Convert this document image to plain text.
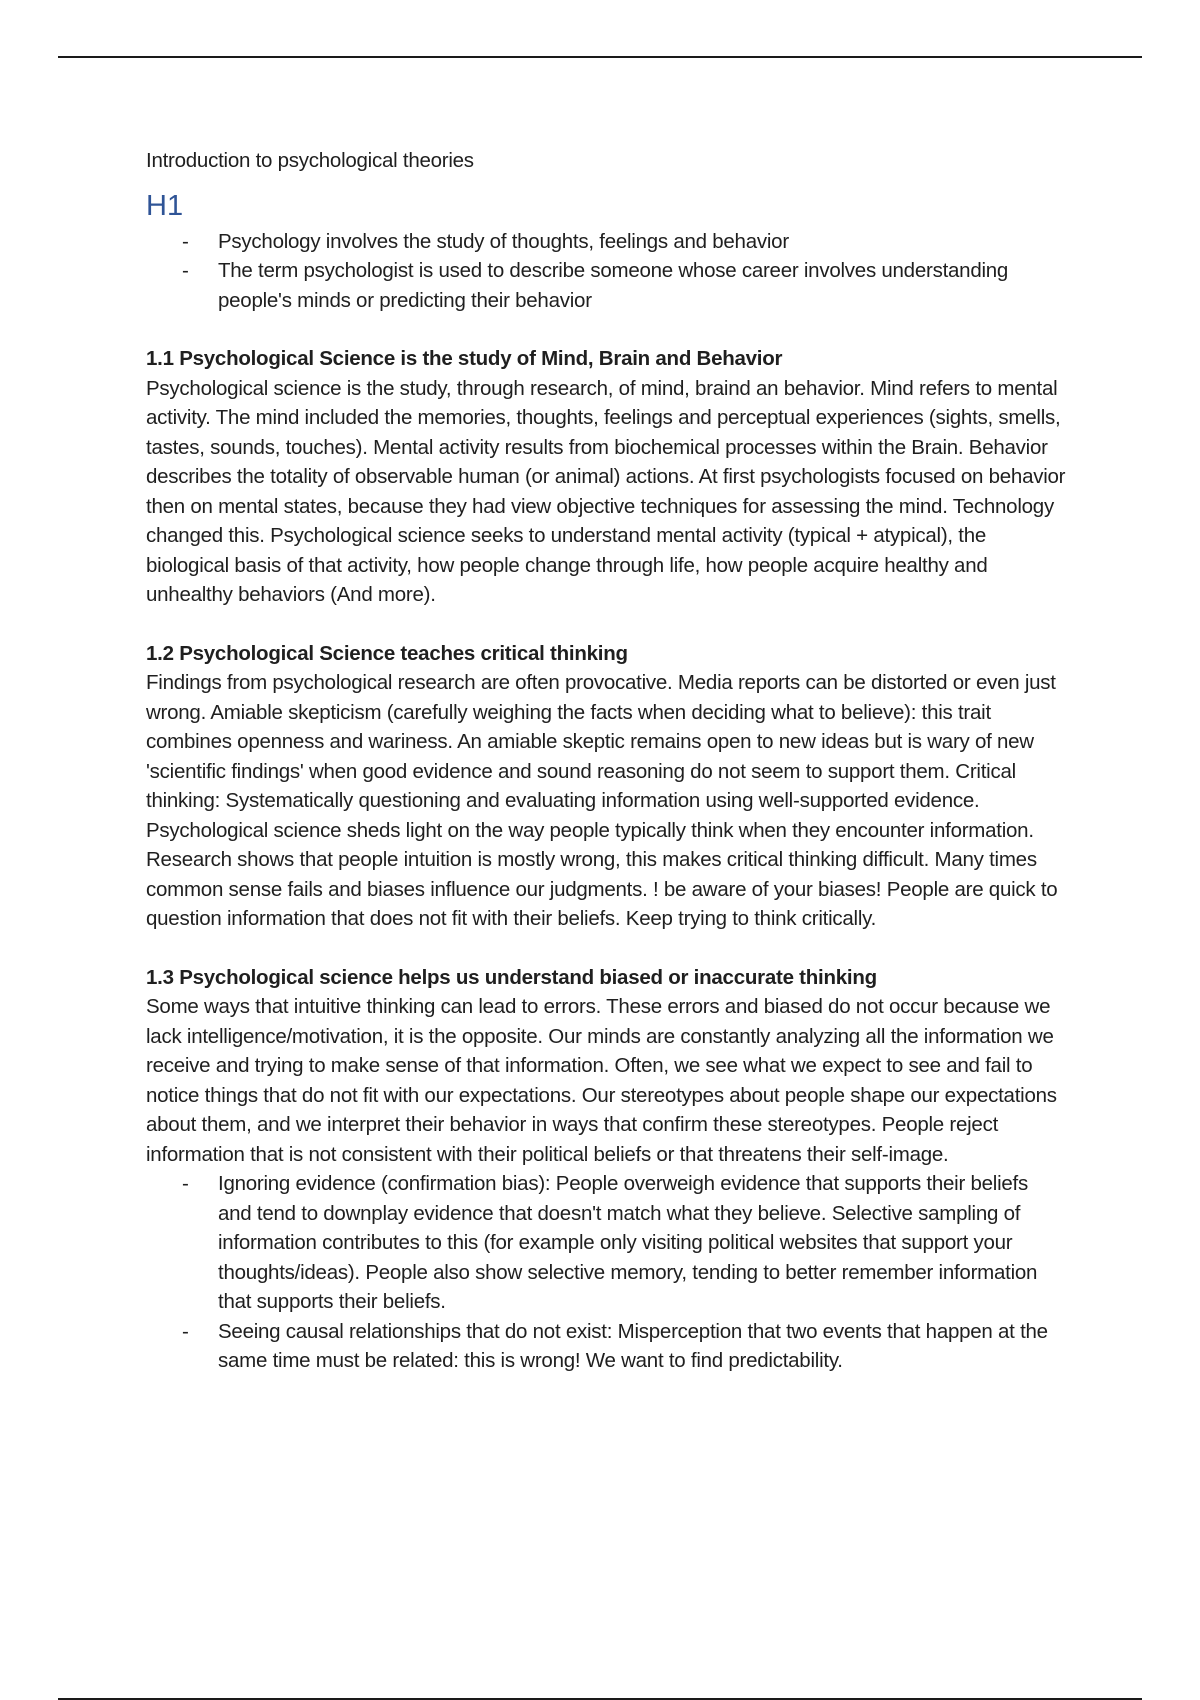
Introduction to psychological theories

H1
- Psychology involves the study of thoughts, feelings and behavior
- The term psychologist is used to describe someone whose career involves understanding people's minds or predicting their behavior
1.1 Psychological Science is the study of Mind, Brain and Behavior

Psychological science is the study, through research, of mind, braind an behavior. Mind refers to mental activity. The mind included the memories, thoughts, feelings and perceptual experiences (sights, smells, tastes, sounds, touches). Mental activity results from biochemical processes within the Brain. Behavior describes the totality of observable human (or animal) actions. At first psychologists focused on behavior then on mental states, because they had view objective techniques for assessing the mind. Technology changed this. Psychological science seeks to understand mental activity (typical + atypical), the biological basis of that activity, how people change through life, how people acquire healthy and unhealthy behaviors (And more).

1.2 Psychological Science teaches critical thinking

Findings from psychological research are often provocative. Media reports can be distorted or even just wrong. Amiable skepticism (carefully weighing the facts when deciding what to believe): this trait combines openness and wariness. An amiable skeptic remains open to new ideas but is wary of new 'scientific findings' when good evidence and sound reasoning do not seem to support them. Critical thinking: Systematically questioning and evaluating information using well-supported evidence.

Psychological science sheds light on the way people typically think when they encounter information. Research shows that people intuition is mostly wrong, this makes critical thinking difficult. Many times common sense fails and biases influence our judgments. ! be aware of your biases! People are quick to question information that does not fit with their beliefs. Keep trying to think critically.

1.3 Psychological science helps us understand biased or inaccurate thinking

Some ways that intuitive thinking can lead to errors. These errors and biased do not occur because we lack intelligence/motivation, it is the opposite. Our minds are constantly analyzing all the information we receive and trying to make sense of that information. Often, we see what we expect to see and fail to notice things that do not fit with our expectations. Our stereotypes about people shape our expectations about them, and we interpret their behavior in ways that confirm these stereotypes. People reject information that is not consistent with their political beliefs or that threatens their self-image.

- Ignoring evidence (confirmation bias): People overweigh evidence that supports their beliefs and tend to downplay evidence that doesn't match what they believe. Selective sampling of information contributes to this (for example only visiting political websites that support your thoughts/ideas). People also show selective memory, tending to better remember information that supports their beliefs.
- Seeing causal relationships that do not exist: Misperception that two events that happen at the same time must be related: this is wrong! We want to find predictability.
